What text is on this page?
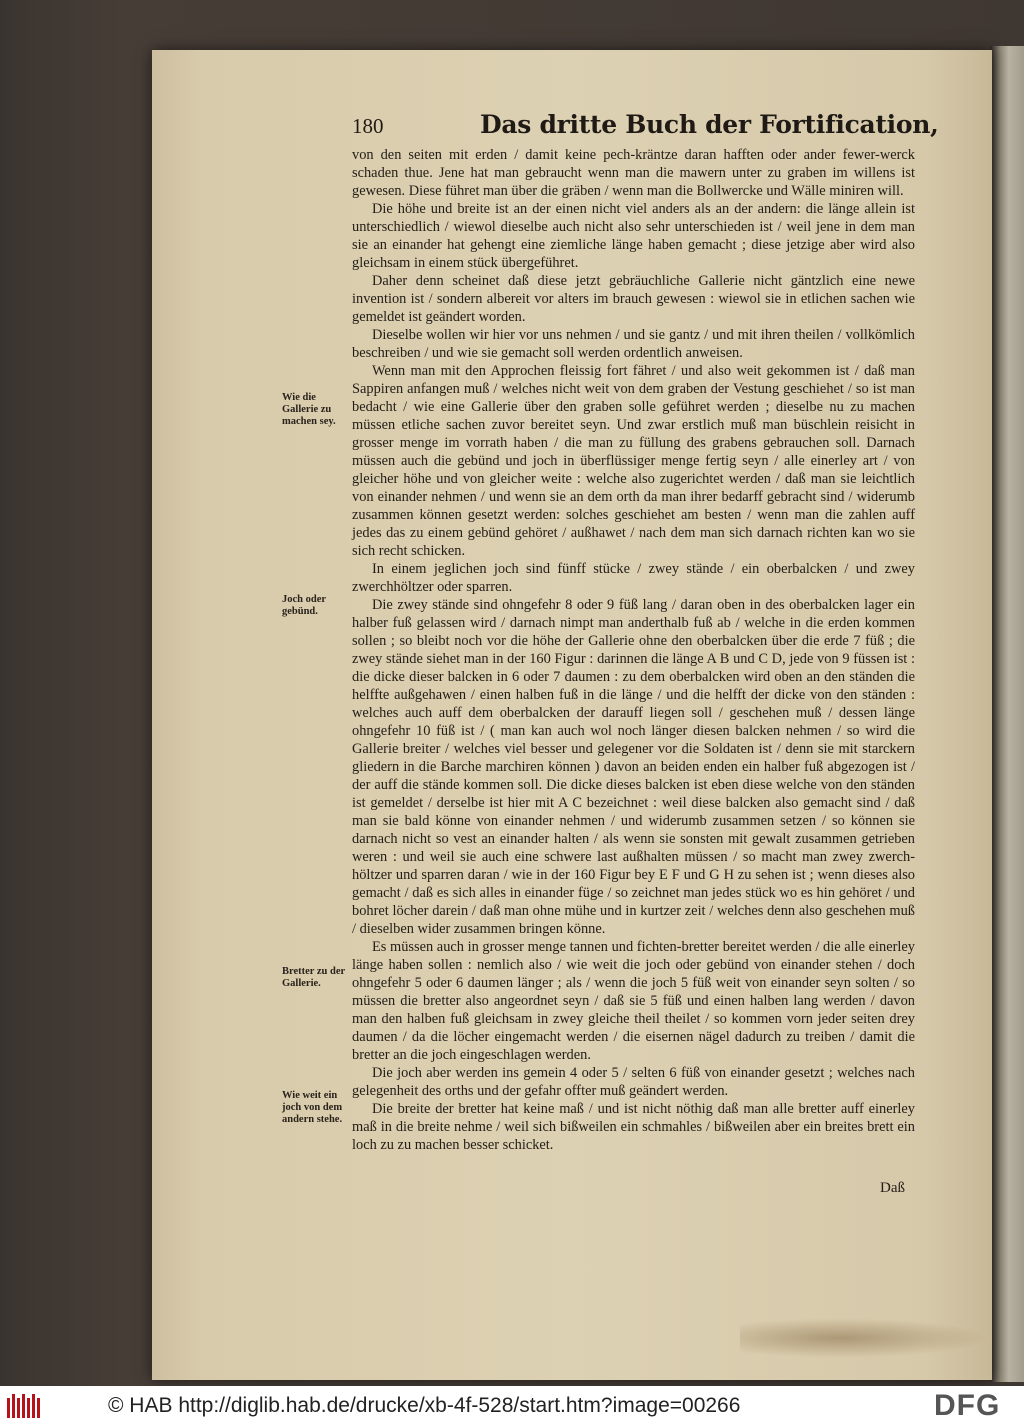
180	Das dritte Buch der Fortification,

von den seiten mit erden / damit keine pech-kräntze daran hafften oder ander fewer-werck schaden thue. Jene hat man gebraucht wenn man die mawern unter zu graben im willens ist gewesen. Diese führet man über die gräben / wenn man die Bollwercke und Wälle miniren will.

Die höhe und breite ist an der einen nicht viel anders als an der andern: die länge allein ist unterschiedlich / wiewol dieselbe auch nicht also sehr unterschieden ist / weil jene in dem man sie an einander hat gehengt eine ziemliche länge haben gemacht ; diese jetzige aber wird also gleichsam in einem stück übergeführet.

Daher denn scheinet daß diese jetzt gebräuchliche Gallerie nicht gäntzlich eine newe invention ist / sondern albereit vor alters im brauch gewesen : wiewol sie in etlichen sachen wie gemeldet ist geändert worden.

Dieselbe wollen wir hier vor uns nehmen / und sie gantz / und mit ihren theilen / vollkömlich beschreiben / und wie sie gemacht soll werden ordentlich anweisen.

Wenn man mit den Approchen fleissig fort fähret / und also weit gekommen ist / daß man Sappiren anfangen muß / welches nicht weit von dem graben der Vestung geschiehet / so ist man bedacht / wie eine Gallerie über den graben solle geführet werden ; dieselbe nu zu machen müssen etliche sachen zuvor bereitet seyn. Und zwar erstlich muß man büschlein reisicht in grosser menge im vorrath haben / die man zu füllung des grabens gebrauchen soll. Darnach müssen auch die gebünd und joch in überflüssiger menge fertig seyn / alle einerley art / von gleicher höhe und von gleicher weite : welche also zugerichtet werden / daß man sie leichtlich von einander nehmen / und wenn sie an dem orth da man ihrer bedarff gebracht sind / widerumb zusammen können gesetzt werden: solches geschiehet am besten / wenn man die zahlen auff jedes das zu einem gebünd gehöret / außhawet / nach dem man sich darnach richten kan wo sie sich recht schicken.

In einem jeglichen joch sind fünff stücke / zwey stände / ein oberbalcken / und zwey zwerchhöltzer oder sparren.

Die zwey stände sind ohngefehr 8 oder 9 füß lang / daran oben in des oberbalcken lager ein halber fuß gelassen wird / darnach nimpt man anderthalb fuß ab / welche in die erden kommen sollen ; so bleibt noch vor die höhe der Gallerie ohne den oberbalcken über die erde 7 füß ; die zwey stände siehet man in der 160 Figur : darinnen die länge A B und C D, jede von 9 füssen ist : die dicke dieser balcken in 6 oder 7 daumen : zu dem oberbalcken wird oben an den ständen die helffte außgehawen / einen halben fuß in die länge / und die helfft der dicke von den ständen : welches auch auff dem oberbalcken der darauff liegen soll / geschehen muß / dessen länge ohngefehr 10 füß ist / ( man kan auch wol noch länger diesen balcken nehmen / so wird die Gallerie breiter / welches viel besser und gelegener vor die Soldaten ist / denn sie mit starckern gliedern in die Barche marchiren können ) davon an beiden enden ein halber fuß abgezogen ist / der auff die stände kommen soll. Die dicke dieses balcken ist eben diese welche von den ständen ist gemeldet / derselbe ist hier mit A C bezeichnet : weil diese balcken also gemacht sind / daß man sie bald könne von einander nehmen / und widerumb zusammen setzen / so können sie darnach nicht so vest an einander halten / als wenn sie sonsten mit gewalt zusammen getrieben weren : und weil sie auch eine schwere last außhalten müssen / so macht man zwey zwerch-höltzer und sparren daran / wie in der 160 Figur bey E F und G H zu sehen ist ; wenn dieses also gemacht / daß es sich alles in einander füge / so zeichnet man jedes stück wo es hin gehöret / und bohret löcher darein / daß man ohne mühe und in kurtzer zeit / welches denn also geschehen muß / dieselben wider zusammen bringen könne.

Es müssen auch in grosser menge tannen und fichten-bretter bereitet werden / die alle einerley länge haben sollen : nemlich also / wie weit die joch oder gebünd von einander stehen / doch ohngefehr 5 oder 6 daumen länger ; als / wenn die joch 5 füß weit von einander seyn solten / so müssen die bretter also angeordnet seyn / daß sie 5 füß und einen halben lang werden / davon man den halben fuß gleichsam in zwey gleiche theil theilet / so kommen vorn jeder seiten drey daumen / da die löcher eingemacht werden / die eisernen nägel dadurch zu treiben / damit die bretter an die joch eingeschlagen werden.

Die joch aber werden ins gemein 4 oder 5 / selten 6 füß von einander gesetzt ; welches nach gelegenheit des orths und der gefahr offter muß geändert werden.

Die breite der bretter hat keine maß / und ist nicht nöthig daß man alle bretter auff einerley maß in die breite nehme / weil sich bißweilen ein schmahles / bißweilen aber ein breites brett ein loch zu zu machen besser schicket.

Wie die Gallerie zu machen sey.
Joch oder gebünd.
Bretter zu der Gallerie.
Wie weit ein joch von dem andern stehe.
Daß
© HAB http://diglib.hab.de/drucke/xb-4f-528/start.htm?image=00266	DFG
